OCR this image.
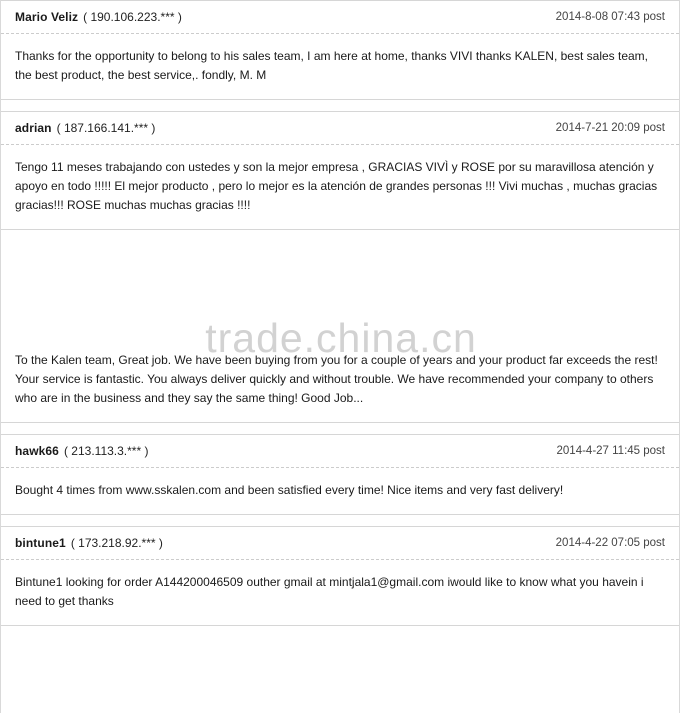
trade.china.cn
Mario Veliz ( 190.106.223.*** )	2014-8-08 07:43 post

Thanks for the opportunity to belong to his sales team, I am here at home, thanks VIVI thanks KALEN, best sales team, the best product, the best service,. fondly, M. M

adrian ( 187.166.141.*** )	2014-7-21 20:09 post

Tengo 11 meses trabajando con ustedes y son la mejor empresa , GRACIAS VIVÌ y ROSE por su maravillosa atención y apoyo en todo !!!!! El mejor producto , pero lo mejor es la atención de grandes personas !!! Vivi muchas , muchas gracias gracias!!! ROSE muchas muchas gracias !!!!

To the Kalen team, Great job. We have been buying from you for a couple of years and your product far exceeds the rest! Your service is fantastic. You always deliver quickly and without trouble. We have recommended your company to others who are in the business and they say the same thing! Good Job...

hawk66 ( 213.113.3.*** )	2014-4-27 11:45 post

Bought 4 times from www.sskalen.com and been satisfied every time! Nice items and very fast delivery!

bintune1 ( 173.218.92.*** )	2014-4-22 07:05 post

Bintune1 looking for order A144200046509 outher gmail at mintjala1@gmail.com iwould like to know what you havein i need to get thanks
